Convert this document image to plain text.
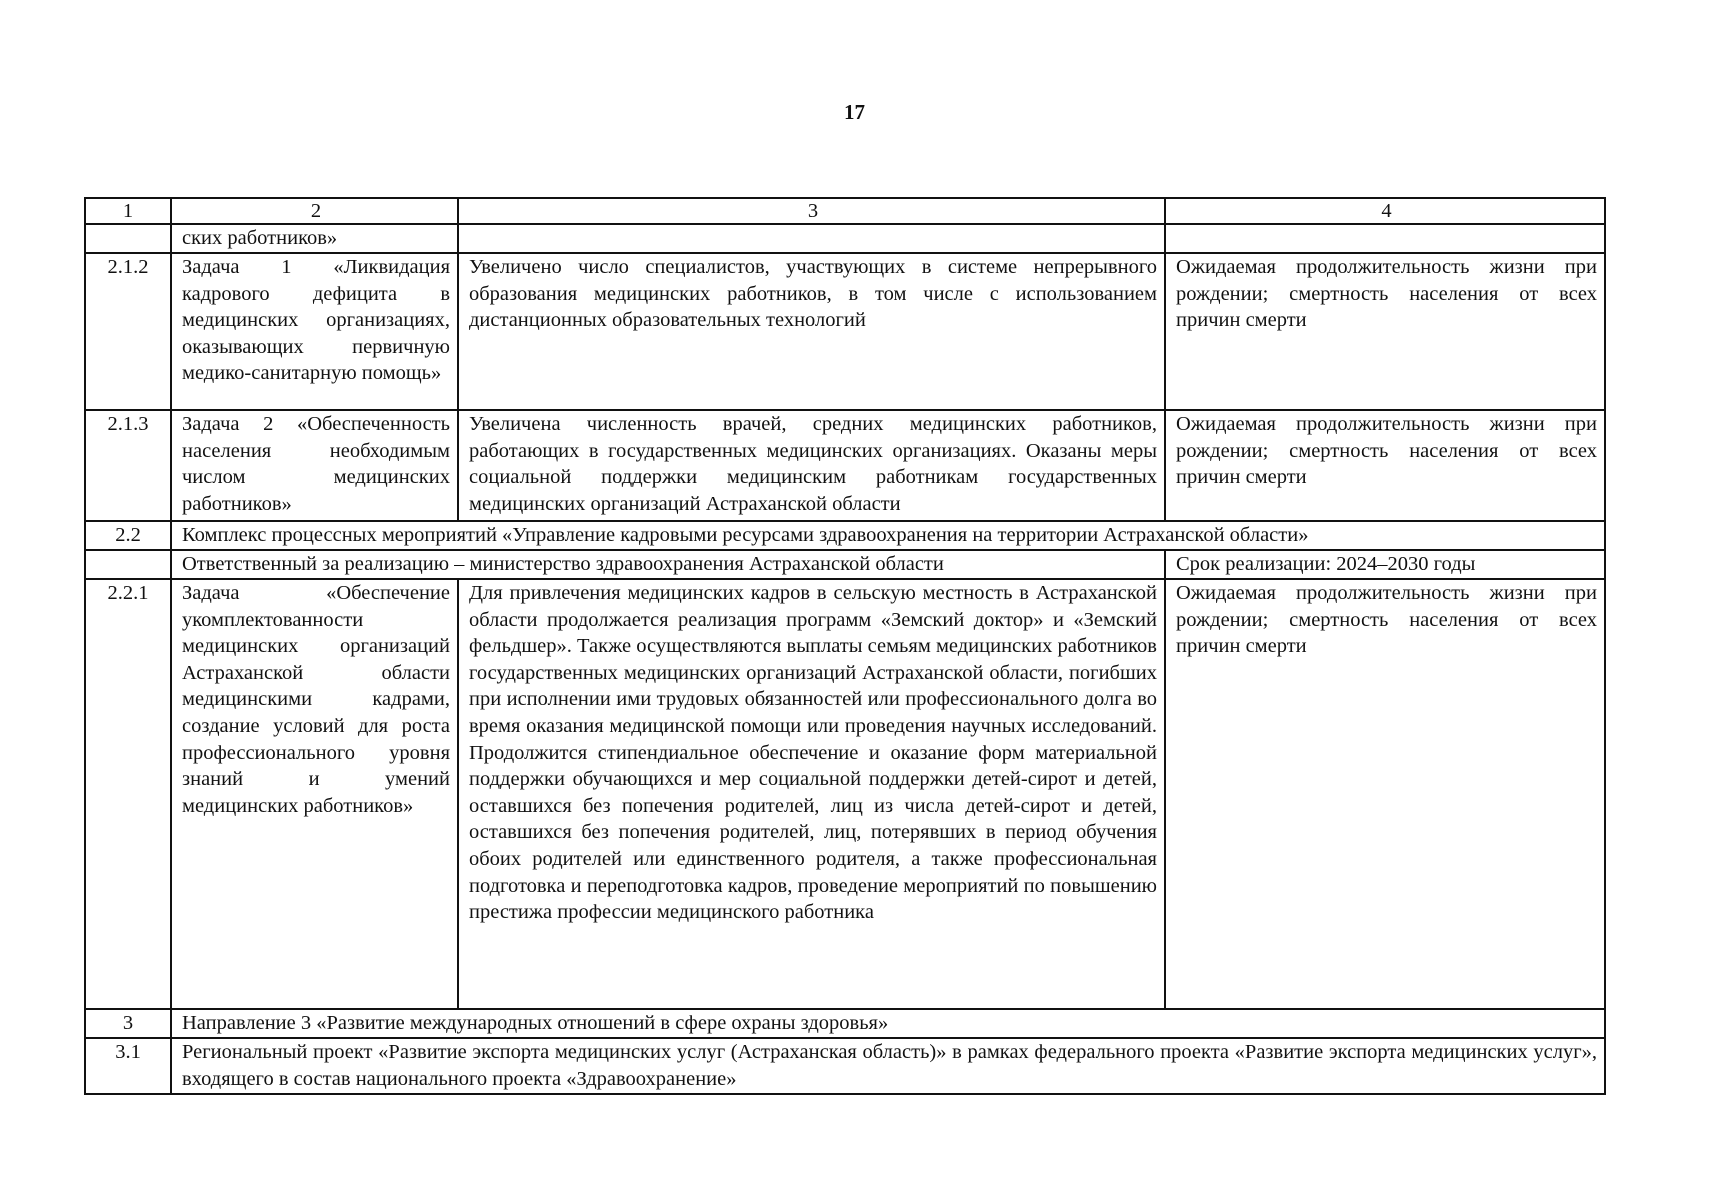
17
1	2	3	4

	ских работников»		

2.1.2	Задача 1 «Ликвидация кадрового дефицита в медицинских организациях, оказывающих первичную медико-санитарную помощь»	Увеличено число специалистов, участвующих в системе непрерывного образования медицинских работников, в том числе с использованием дистанционных образовательных технологий	Ожидаемая продолжительность жизни при рождении; смертность населения от всех причин смерти

2.1.3	Задача 2 «Обеспеченность населения необходимым числом медицинских работников»	Увеличена численность врачей, средних медицинских работников, работающих в государственных медицинских организациях. Оказаны меры социальной поддержки медицинским работникам государственных медицинских организаций Астраханской области	Ожидаемая продолжительность жизни при рождении; смертность населения от всех причин смерти

2.2	Комплекс процессных мероприятий «Управление кадровыми ресурсами здравоохранения на территории Астраханской области»		

	Ответственный за реализацию – министерство здравоохранения Астраханской области		Срок реализации: 2024–2030 годы

2.2.1	Задача «Обеспечение укомплектованности медицинских организаций Астраханской области медицинскими кадрами, создание условий для роста профессионального уровня знаний и умений медицинских работников»	Для привлечения медицинских кадров в сельскую местность в Астраханской области продолжается реализация программ «Земский доктор» и «Земский фельдшер». Также осуществляются выплаты семьям медицинских работников государственных медицинских организаций Астраханской области, погибших при исполнении ими трудовых обязанностей или профессионального долга во время оказания медицинской помощи или проведения научных исследований. Продолжится стипендиальное обеспечение и оказание форм материальной поддержки обучающихся и мер социальной поддержки детей-сирот и детей, оставшихся без попечения родителей, лиц из числа детей-сирот и детей, оставшихся без попечения родителей, лиц, потерявших в период обучения обоих родителей или единственного родителя, а также профессиональная подготовка и переподготовка кадров, проведение мероприятий по повышению престижа профессии медицинского работника	Ожидаемая продолжительность жизни при рождении; смертность населения от всех причин смерти

3	Направление 3 «Развитие международных отношений в сфере охраны здоровья»		

3.1	Региональный проект «Развитие экспорта медицинских услуг (Астраханская область)» в рамках федерального проекта «Развитие экспорта медицинских услуг», входящего в состав национального проекта «Здравоохранение»		
